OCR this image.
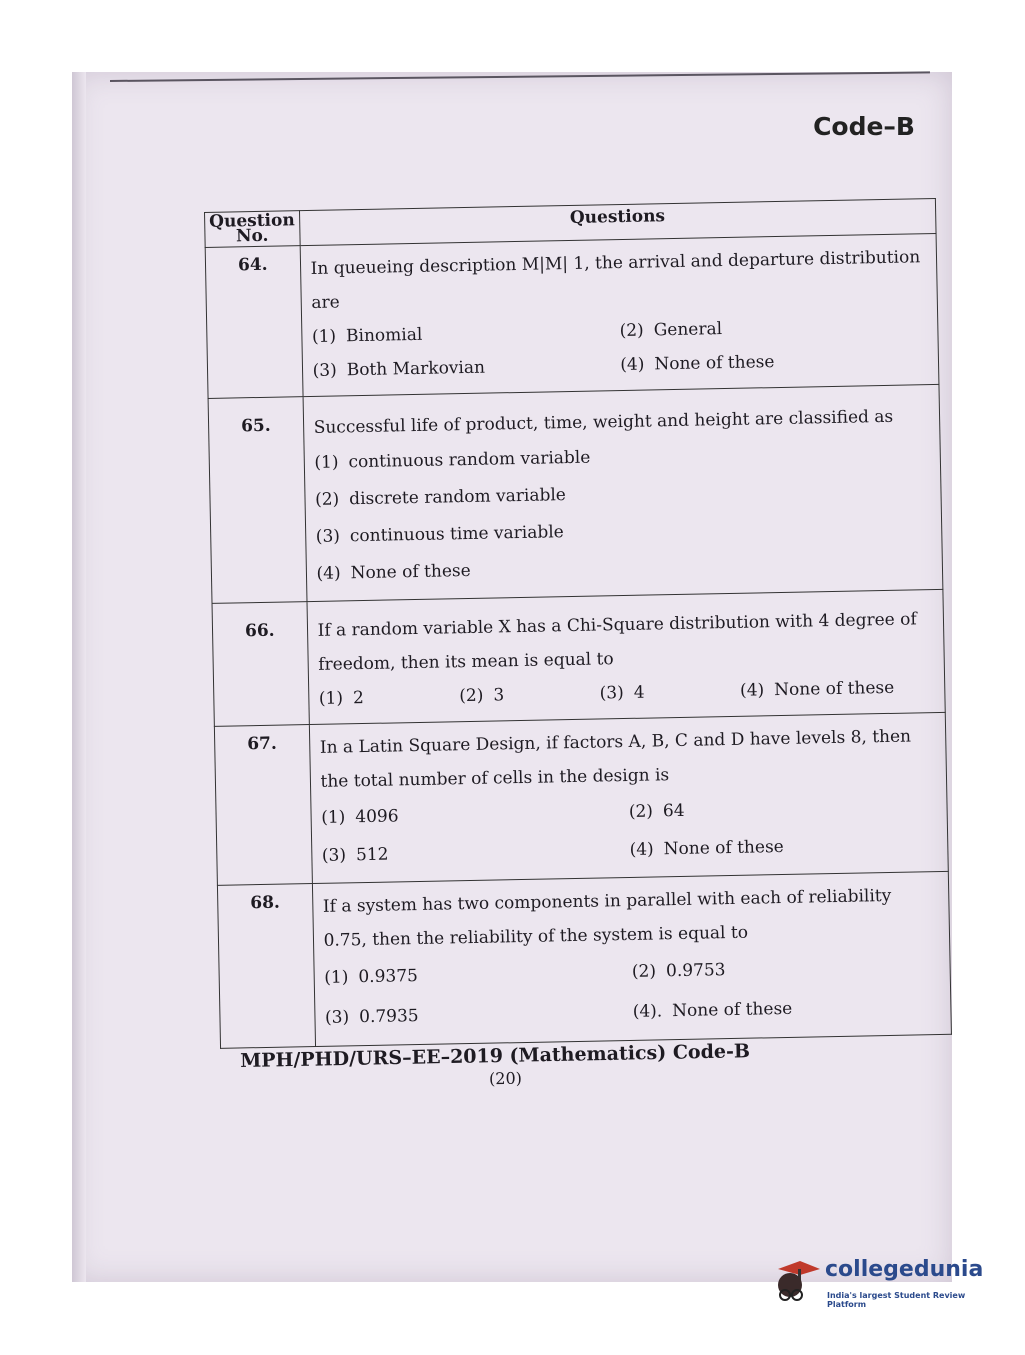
Code–B
Question No.	Questions
64.	In queueing description M|M| 1, the arrival and departure distribution are
(1) Binomial (2) General
(3) Both Markovian (4) None of these

65.	Successful life of product, time, weight and height are classified as
(1) continuous random variable
(2) discrete random variable
(3) continuous time variable
(4) None of these

66.	If a random variable X has a Chi-Square distribution with 4 degree of freedom, then its mean is equal to
(1) 2 (2) 3 (3) 4 (4) None of these

67.	In a Latin Square Design, if factors A, B, C and D have levels 8, then the total number of cells in the design is
(1) 4096 (2) 64
(3) 512 (4) None of these

68.	If a system has two components in parallel with each of reliability 0.75, then the reliability of the system is equal to
(1) 0.9375 (2) 0.9753
(3) 0.7935 (4). None of these
MPH/PHD/URS–EE–2019 (Mathematics) Code-B
(20)
collegedunia
India's largest Student Review Platform
